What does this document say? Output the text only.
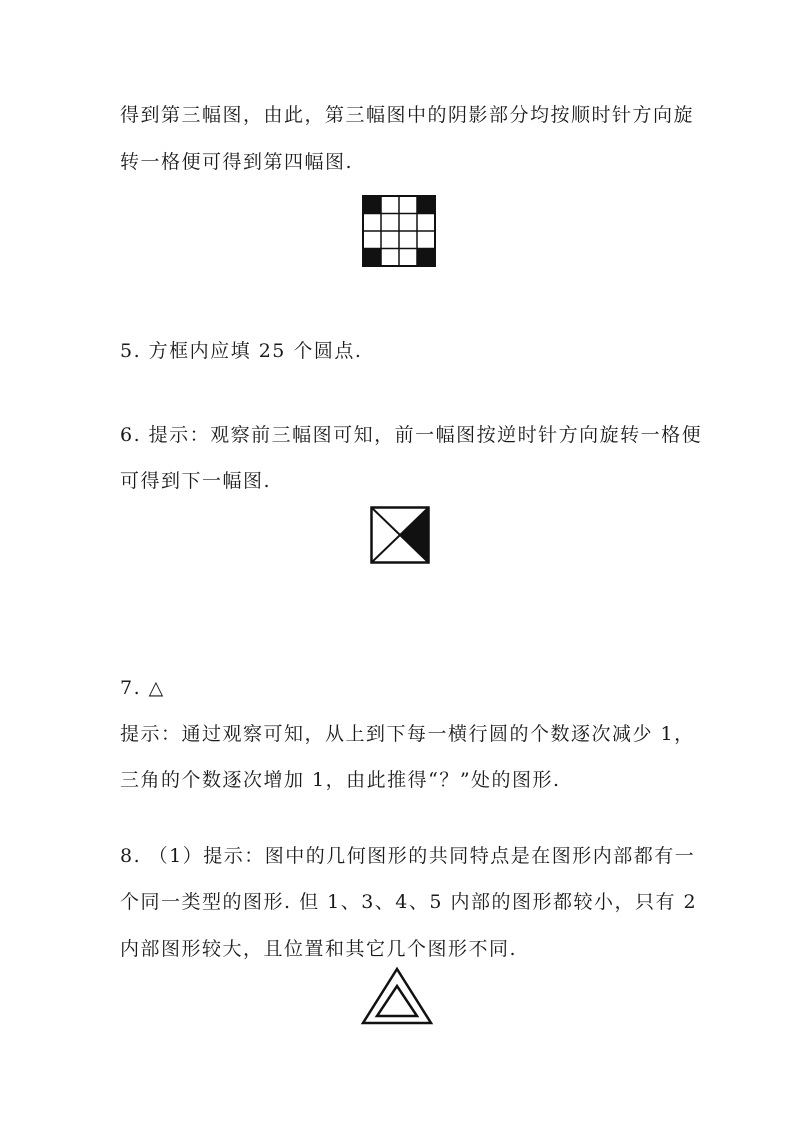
得到第三幅图，由此，第三幅图中的阴影部分均按顺时针方向旋
转一格便可得到第四幅图.
5. 方框内应填 25 个圆点.
6. 提示：观察前三幅图可知，前一幅图按逆时针方向旋转一格便
可得到下一幅图.
7. △
提示：通过观察可知，从上到下每一横行圆的个数逐次减少 1，
三角的个数逐次增加 1，由此推得“？”处的图形.
8. （1）提示：图中的几何图形的共同特点是在图形内部都有一
个同一类型的图形. 但 1、3、4、5 内部的图形都较小，只有 2
内部图形较大，且位置和其它几个图形不同.
